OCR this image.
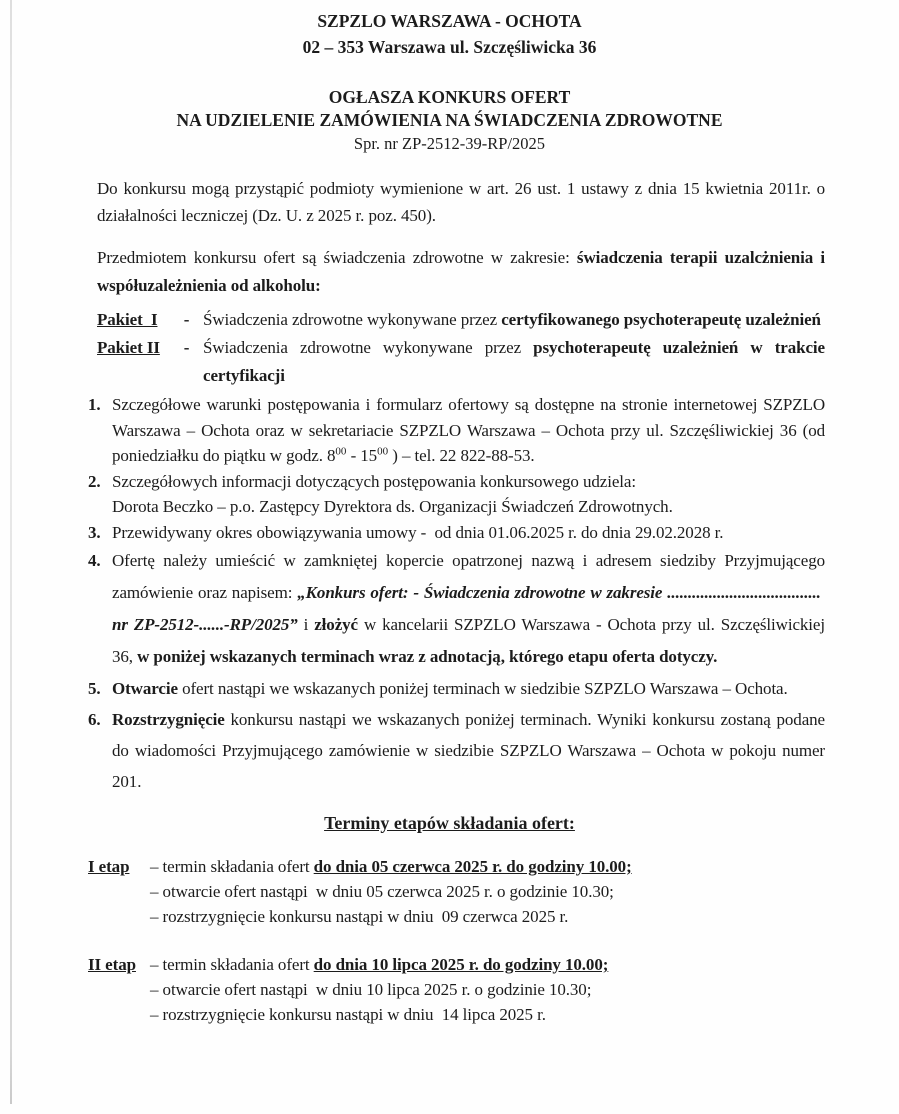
SZPZLO WARSZAWA - OCHOTA
02 – 353 Warszawa ul. Szczęśliwicka 36
OGŁASZA KONKURS OFERT
NA UDZIELENIE ZAMÓWIENIA NA ŚWIADCZENIA ZDROWOTNE
Spr. nr ZP-2512-39-RP/2025
Do konkursu mogą przystąpić podmioty wymienione w art. 26 ust. 1 ustawy z dnia 15 kwietnia 2011r. o działalności leczniczej (Dz. U. z 2025 r. poz. 450).
Przedmiotem konkursu ofert są świadczenia zdrowotne w zakresie: świadczenia terapii uzalcżnienia i współuzależnienia od alkoholu:
Pakiet  I	- Świadczenia zdrowotne wykonywane przez certyfikowanego psychoterapeutę uzależnień
Pakiet II	- Świadczenia zdrowotne wykonywane przez psychoterapeutę uzależnień w trakcie certyfikacji
1. Szczegółowe warunki postępowania i formularz ofertowy są dostępne na stronie internetowej SZPZLO Warszawa – Ochota oraz w sekretariacie SZPZLO Warszawa – Ochota przy ul. Szczęśliwickiej 36 (od poniedziałku do piątku w godz. $8^{00} - 15^{00}$ ) – tel. 22 822-88-53.
2. Szczegółowych informacji dotyczących postępowania konkursowego udziela:
Dorota Beczko – p.o. Zastępcy Dyrektora ds. Organizacji Świadczeń Zdrowotnych.
3. Przewidywany okres obowiązywania umowy -  od dnia 01.06.2025 r. do dnia 29.02.2028 r.
4. Ofertę należy umieścić w zamkniętej kopercie opatrzonej nazwą i adresem siedziby Przyjmującego zamówienie oraz napisem: „Konkurs ofert: - Świadczenia zdrowotne w zakresie .....................................  nr ZP-2512-......-RP/2025” i złożyć w kancelarii SZPZLO Warszawa - Ochota przy ul. Szczęśliwickiej 36, w poniżej wskazanych terminach wraz z adnotacją, którego etapu oferta dotyczy.
5. Otwarcie ofert nastąpi we wskazanych poniżej terminach w siedzibie SZPZLO Warszawa – Ochota.
6. Rozstrzygnięcie konkursu nastąpi we wskazanych poniżej terminach. Wyniki konkursu zostaną podane do wiadomości Przyjmującego zamówienie w siedzibie SZPZLO Warszawa – Ochota w pokoju numer 201.
Terminy etapów składania ofert:
I etap	– termin składania ofert do dnia 05 czerwca 2025 r. do godziny 10.00;
– otwarcie ofert nastąpi  w dniu 05 czerwca 2025 r. o godzinie 10.30;
– rozstrzygnięcie konkursu nastąpi w dniu  09 czerwca 2025 r.
II etap – termin składania ofert do dnia 10 lipca 2025 r. do godziny 10.00;
– otwarcie ofert nastąpi  w dniu 10 lipca 2025 r. o godzinie 10.30;
– rozstrzygnięcie konkursu nastąpi w dniu  14 lipca 2025 r.
